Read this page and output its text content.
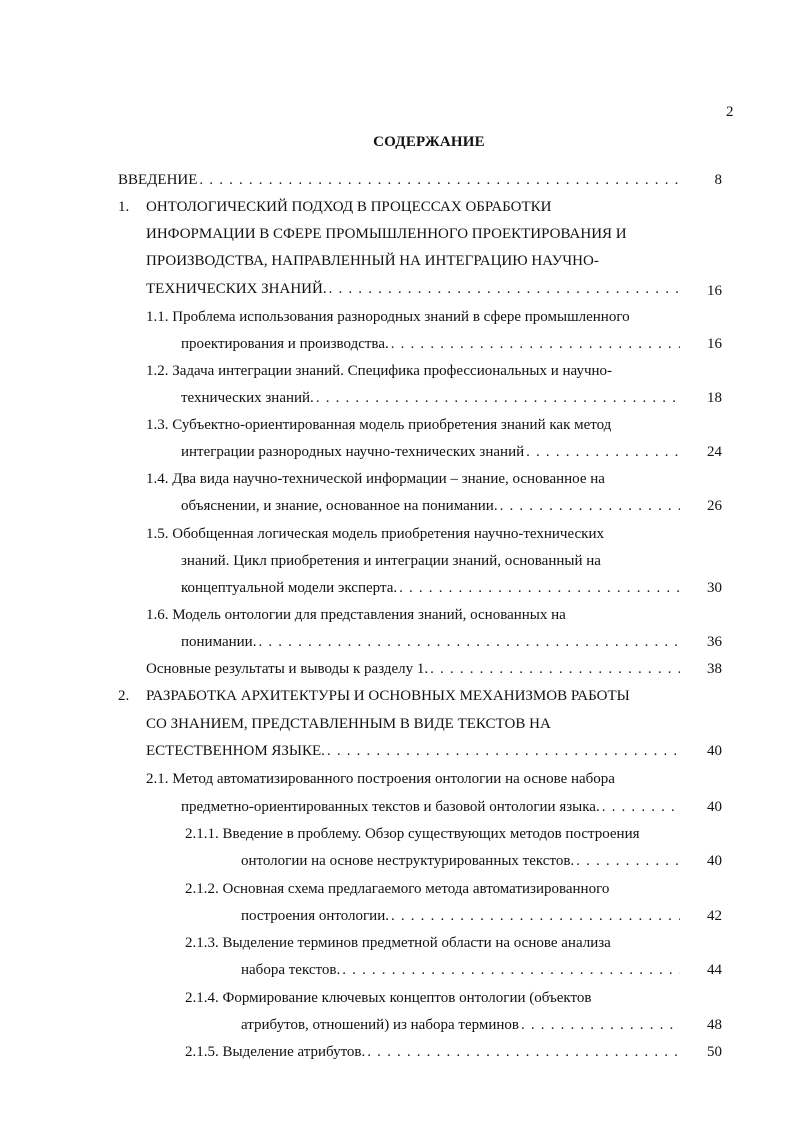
2
СОДЕРЖАНИЕ
ВВЕДЕНИЕ . . .	8
1. ОНТОЛОГИЧЕСКИЙ ПОДХОД В ПРОЦЕССАХ ОБРАБОТКИ
ИНФОРМАЦИИ В СФЕРЕ ПРОМЫШЛЕННОГО ПРОЕКТИРОВАНИЯ И
ПРОИЗВОДСТВА, НАПРАВЛЕННЫЙ НА ИНТЕГРАЦИЮ НАУЧНО-
ТЕХНИЧЕСКИХ ЗНАНИЙ. . . .	16
1.1. Проблема использования разнородных знаний в сфере промышленного
проектирования и производства. . . .	16
1.2. Задача интеграции знаний. Специфика профессиональных и научно-
технических знаний. . . .	18
1.3. Субъектно-ориентированная модель приобретения знаний как метод
интеграции разнородных научно-технических знаний . . .	24
1.4. Два вида научно-технической информации – знание, основанное на
объяснении, и знание, основанное на понимании. . . .	26
1.5. Обобщенная логическая модель приобретения научно-технических
знаний. Цикл приобретения и интеграции знаний, основанный на
концептуальной модели эксперта. . . .	30
1.6. Модель онтологии для представления знаний, основанных на
понимании. . . .	36
Основные результаты и выводы к разделу 1. . . .	38
2. РАЗРАБОТКА АРХИТЕКТУРЫ И ОСНОВНЫХ МЕХАНИЗМОВ РАБОТЫ
СО ЗНАНИЕМ, ПРЕДСТАВЛЕННЫМ В ВИДЕ ТЕКСТОВ НА
ЕСТЕСТВЕННОМ ЯЗЫКЕ. . . .	40
2.1. Метод автоматизированного построения онтологии на основе набора
предметно-ориентированных текстов и базовой онтологии языка. . . .	40
2.1.1. Введение в проблему. Обзор существующих методов построения
онтологии на основе неструктурированных текстов. . . .	40
2.1.2. Основная схема предлагаемого метода автоматизированного
построения онтологии. . . .	42
2.1.3. Выделение терминов предметной области на основе анализа
набора текстов. . . .	44
2.1.4. Формирование ключевых концептов онтологии (объектов
атрибутов, отношений) из набора терминов . . .	48
2.1.5. Выделение атрибутов. . . .	50
